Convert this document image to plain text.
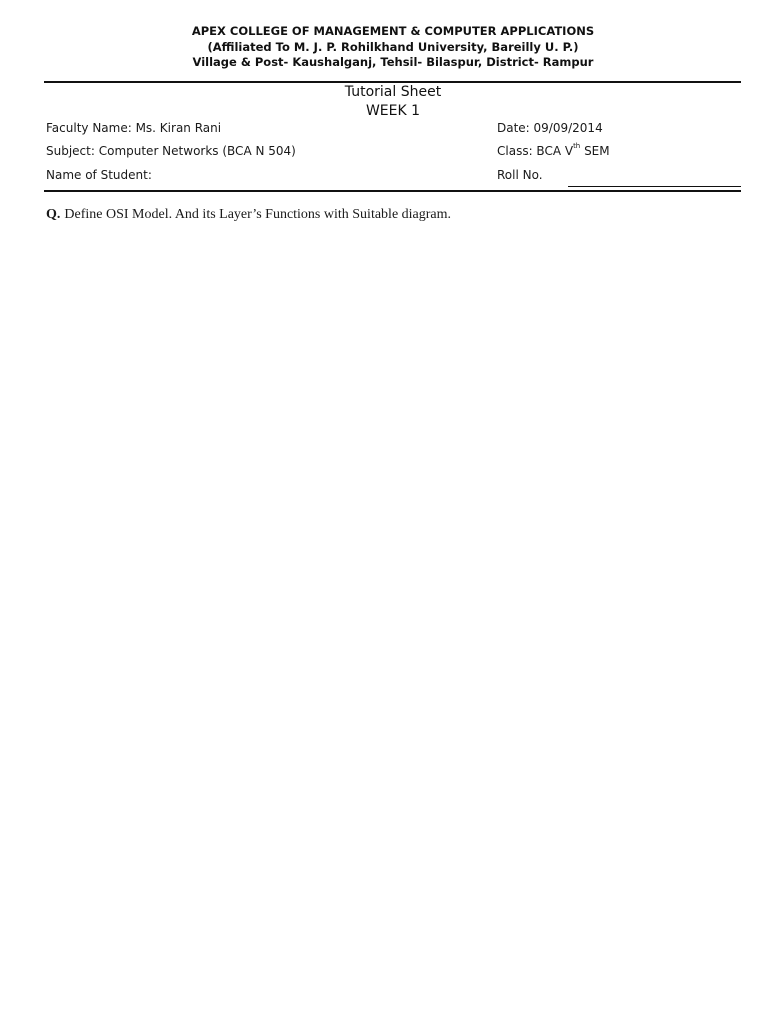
APEX COLLEGE OF MANAGEMENT & COMPUTER APPLICATIONS
(Affiliated To M. J. P. Rohilkhand University, Bareilly U. P.)
Village & Post- Kaushalganj, Tehsil- Bilaspur, District- Rampur
Tutorial Sheet
WEEK 1
Faculty Name: Ms. Kiran Rani	Date: 09/09/2014
Subject: Computer Networks (BCA N 504)	Class: BCA Vth SEM
Name of Student:	Roll No.
Q. Define OSI Model. And its Layer’s Functions with Suitable diagram.
